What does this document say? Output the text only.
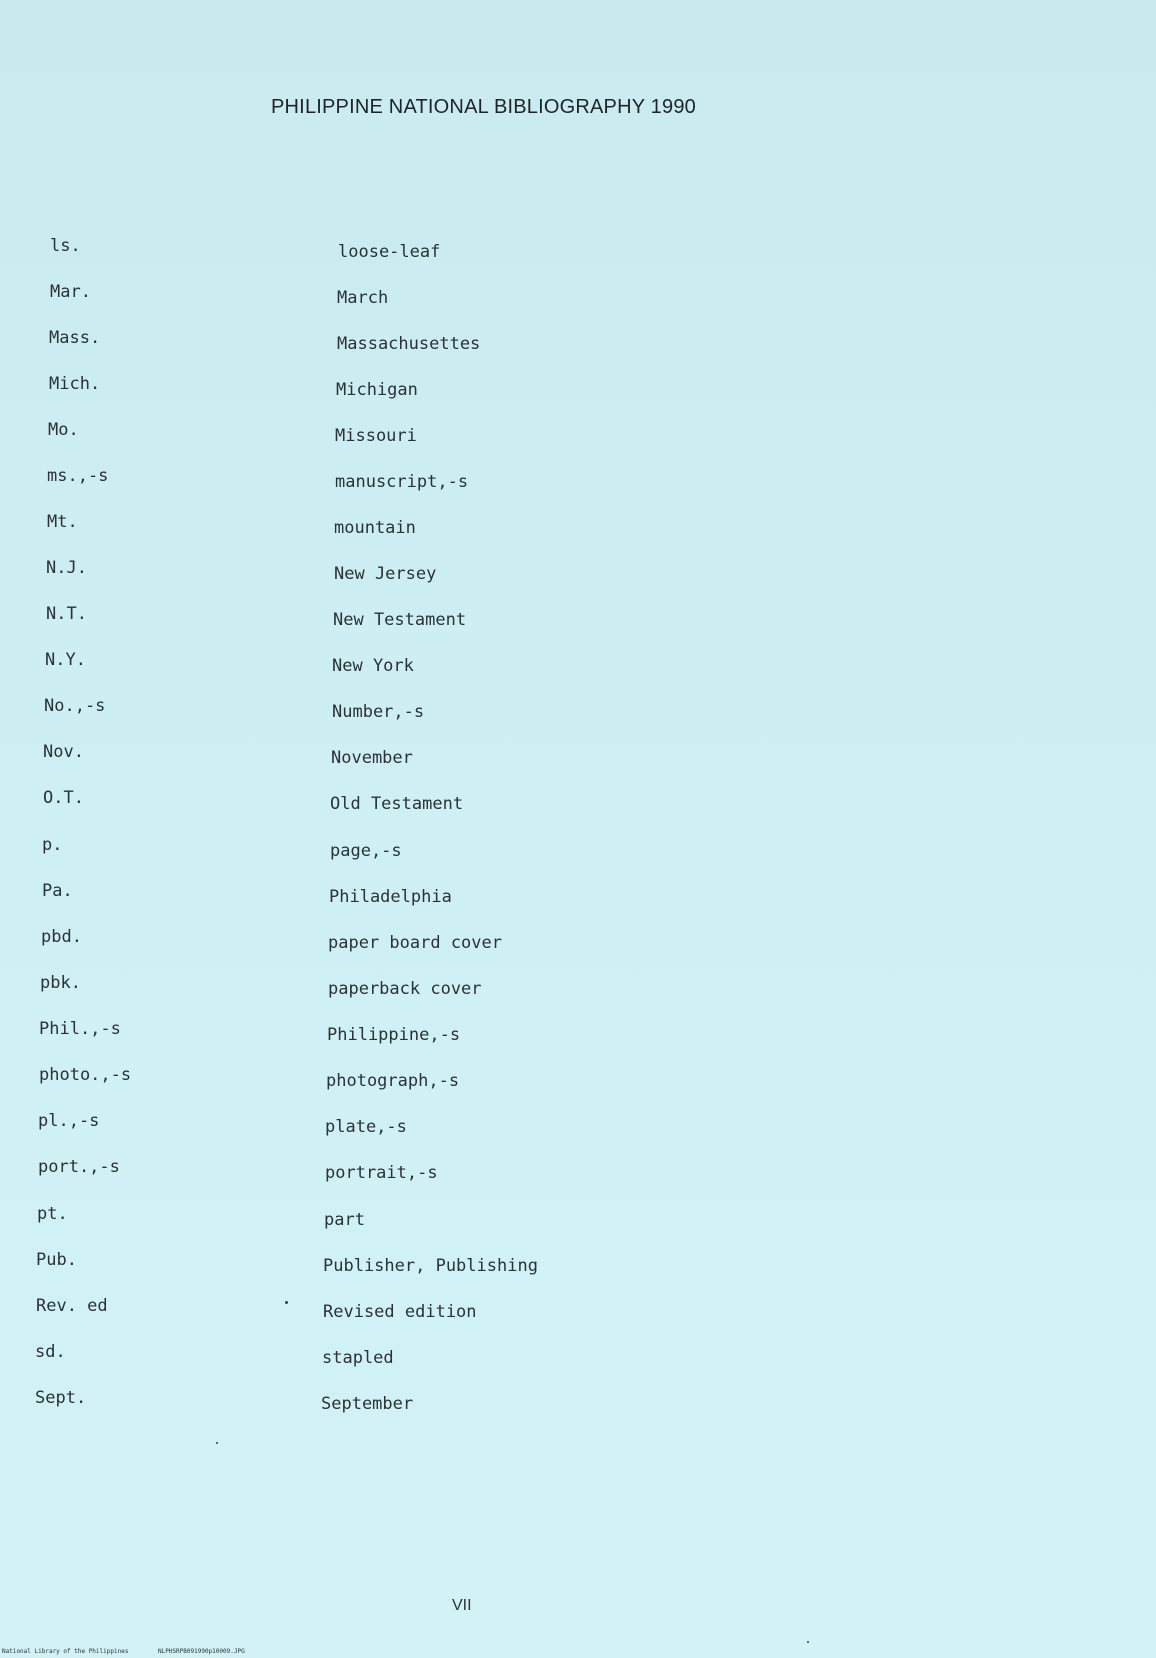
PHILIPPINE NATIONAL BIBLIOGRAPHY 1990
ls.	loose-leaf
Mar.	March
Mass.	Massachusettes
Mich.	Michigan
Mo.	Missouri
ms.,-s	manuscript,-s
Mt.	mountain
N.J.	New Jersey
N.T.	New Testament
N.Y.	New York
No.,-s	Number,-s
Nov.	November
O.T.	Old Testament
p.	page,-s
Pa.	Philadelphia
pbd.	paper board cover
pbk.	paperback cover
Phil.,-s	Philippine,-s
photo.,-s	photograph,-s
pl.,-s	plate,-s
port.,-s	portrait,-s
pt.	part
Pub.	Publisher, Publishing
Rev. ed	Revised edition
sd.	stapled
Sept.	September
VII
National Library of the Philippines	NLPHSRPB091990p10009.JPG
